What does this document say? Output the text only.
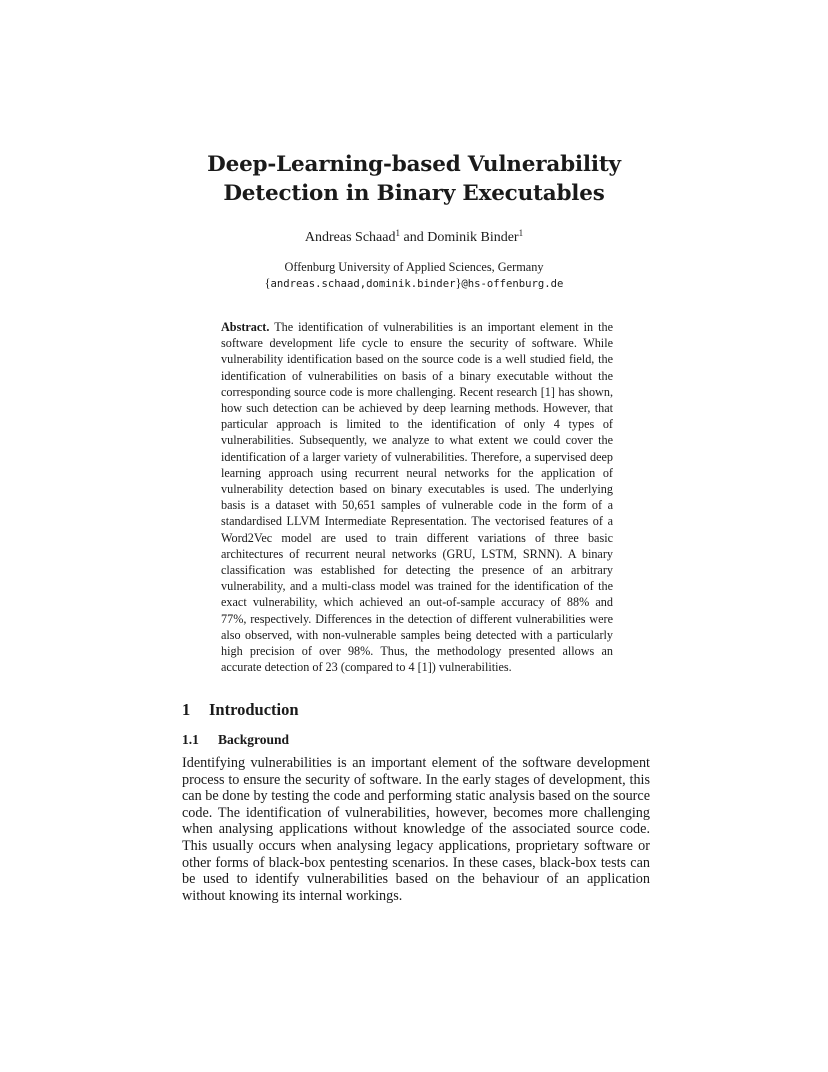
Deep-Learning-based Vulnerability Detection in Binary Executables
Andreas Schaad$^1$ and Dominik Binder$^1$
Offenburg University of Applied Sciences, Germany
{andreas.schaad,dominik.binder}@hs-offenburg.de
Abstract. The identification of vulnerabilities is an important element in the software development life cycle to ensure the security of software. While vulnerability identification based on the source code is a well studied field, the identification of vulnerabilities on basis of a binary executable without the corresponding source code is more challenging. Recent research [1] has shown, how such detection can be achieved by deep learning methods. However, that particular approach is limited to the identification of only 4 types of vulnerabilities. Subsequently, we analyze to what extent we could cover the identification of a larger variety of vulnerabilities. Therefore, a supervised deep learning approach using recurrent neural networks for the application of vulnerability detection based on binary executables is used. The underlying basis is a dataset with 50,651 samples of vulnerable code in the form of a standardised LLVM Intermediate Representation. The vectorised features of a Word2Vec model are used to train different variations of three basic architectures of recurrent neural networks (GRU, LSTM, SRNN). A binary classification was established for detecting the presence of an arbitrary vulnerability, and a multi-class model was trained for the identification of the exact vulnerability, which achieved an out-of-sample accuracy of 88% and 77%, respectively. Differences in the detection of different vulnerabilities were also observed, with non-vulnerable samples being detected with a particularly high precision of over 98%. Thus, the methodology presented allows an accurate detection of 23 (compared to 4 [1]) vulnerabilities.
1 Introduction
1.1 Background
Identifying vulnerabilities is an important element of the software development process to ensure the security of software. In the early stages of development, this can be done by testing the code and performing static analysis based on the source code. The identification of vulnerabilities, however, becomes more challenging when analysing applications without knowledge of the associated source code. This usually occurs when analysing legacy applications, proprietary software or other forms of black-box pentesting scenarios. In these cases, black-box tests can be used to identify vulnerabilities based on the behaviour of an application without knowing its internal workings.
